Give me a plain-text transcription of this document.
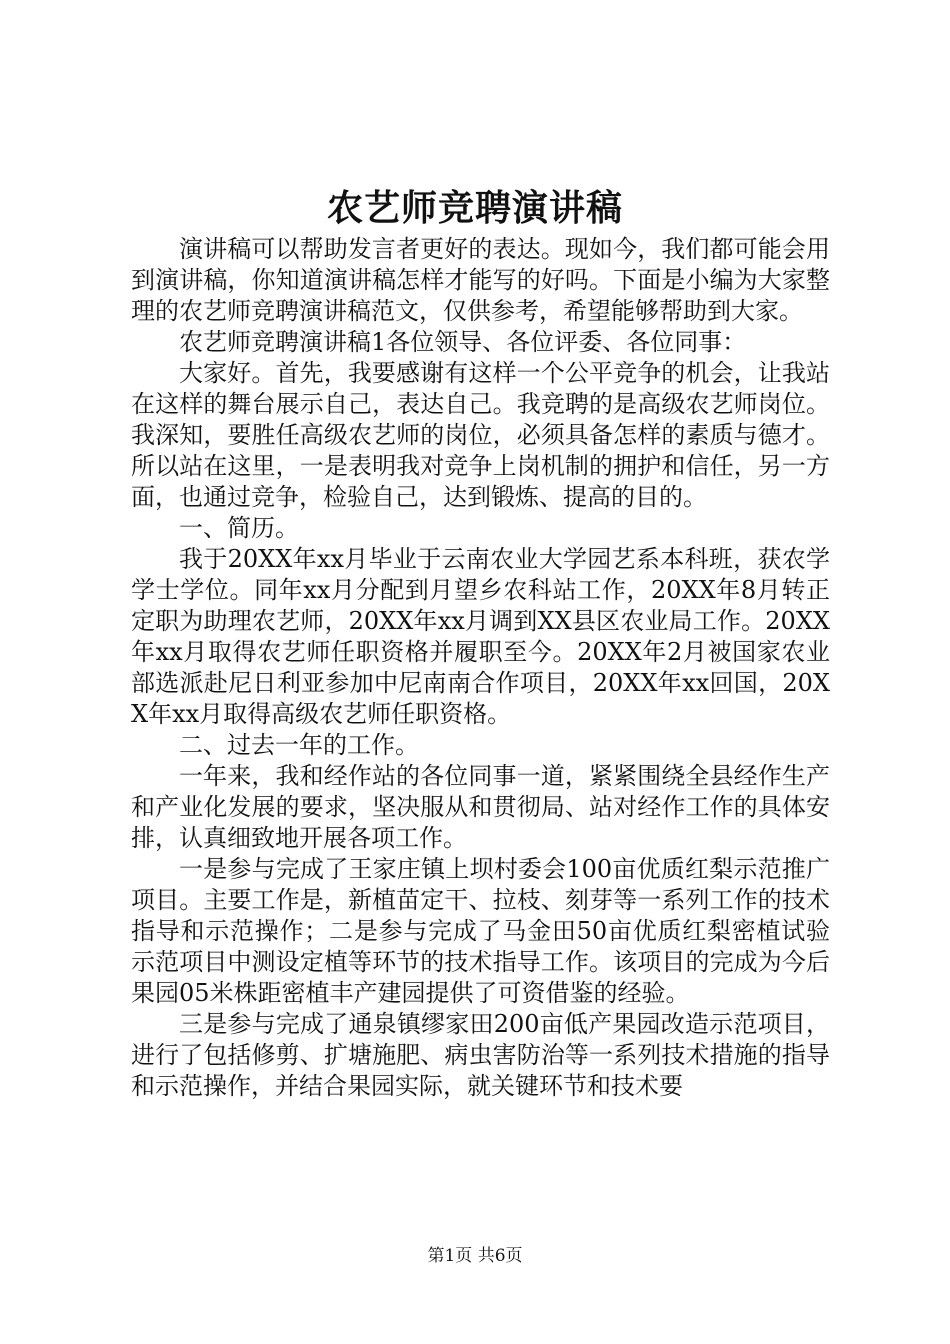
农艺师竞聘演讲稿

演讲稿可以帮助发言者更好的表达。现如今，我们都可能会用到演讲稿，你知道演讲稿怎样才能写的好吗。下面是小编为大家整理的农艺师竞聘演讲稿范文，仅供参考，希望能够帮助到大家。

农艺师竞聘演讲稿1各位领导、各位评委、各位同事：

大家好。首先，我要感谢有这样一个公平竞争的机会，让我站在这样的舞台展示自己，表达自己。我竞聘的是高级农艺师岗位。我深知，要胜任高级农艺师的岗位，必须具备怎样的素质与德才。所以站在这里，一是表明我对竞争上岗机制的拥护和信任，另一方面，也通过竞争，检验自己，达到锻炼、提高的目的。

一、简历。

我于20XX年xx月毕业于云南农业大学园艺系本科班，获农学学士学位。同年xx月分配到月望乡农科站工作，20XX年8月转正定职为助理农艺师，20XX年xx月调到XX县区农业局工作。20XX年xx月取得农艺师任职资格并履职至今。20XX年2月被国家农业部选派赴尼日利亚参加中尼南南合作项目，20XX年xx回国，20XX年xx月取得高级农艺师任职资格。

二、过去一年的工作。

一年来，我和经作站的各位同事一道，紧紧围绕全县经作生产和产业化发展的要求，坚决服从和贯彻局、站对经作工作的具体安排，认真细致地开展各项工作。

一是参与完成了王家庄镇上坝村委会100亩优质红梨示范推广项目。主要工作是，新植苗定干、拉枝、刻芽等一系列工作的技术指导和示范操作；二是参与完成了马金田50亩优质红梨密植试验示范项目中测设定植等环节的技术指导工作。该项目的完成为今后果园05米株距密植丰产建园提供了可资借鉴的经验。

三是参与完成了通泉镇缪家田200亩低产果园改造示范项目，进行了包括修剪、扩塘施肥、病虫害防治等一系列技术措施的指导和示范操作，并结合果园实际，就关键环节和技术要

第1页 共6页
